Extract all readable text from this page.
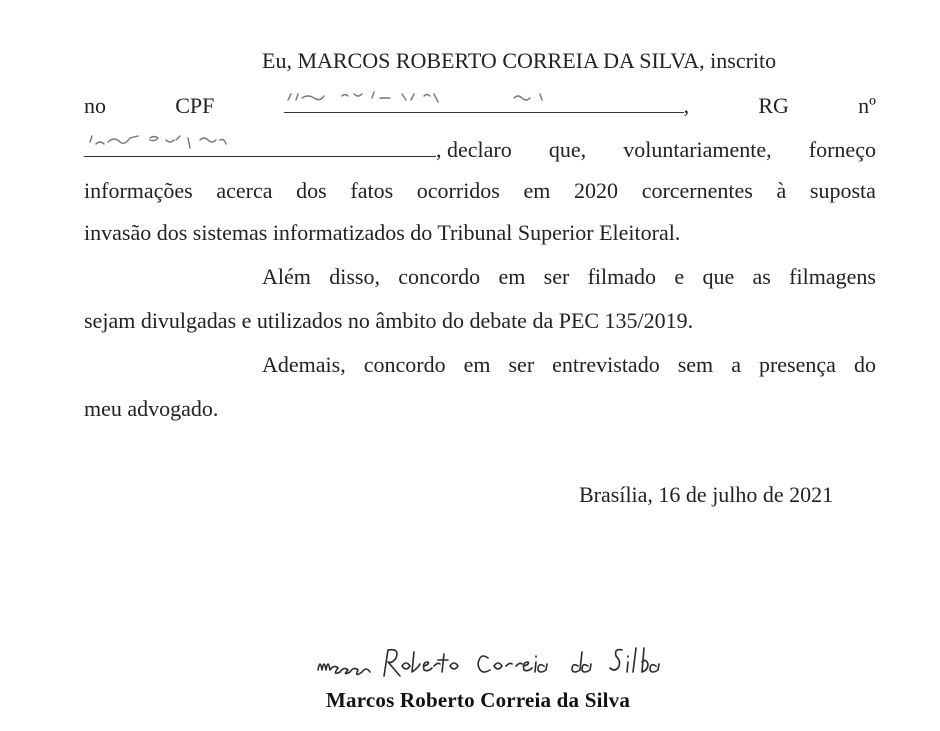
Eu, MARCOS ROBERTO CORREIA DA SILVA, inscrito
no	CPF	,	RG	nº
, declaro que, voluntariamente, forneço
informações acerca dos fatos ocorridos em 2020 corcernentes à suposta
invasão dos sistemas informatizados do Tribunal Superior Eleitoral.
Além disso, concordo em ser filmado e que as filmagens
sejam divulgadas e utilizados no âmbito do debate da PEC 135/2019.
Ademais, concordo em ser entrevistado sem a presença do
meu advogado.
Brasília, 16 de julho de 2021
Marcos Roberto Correia da Silva
